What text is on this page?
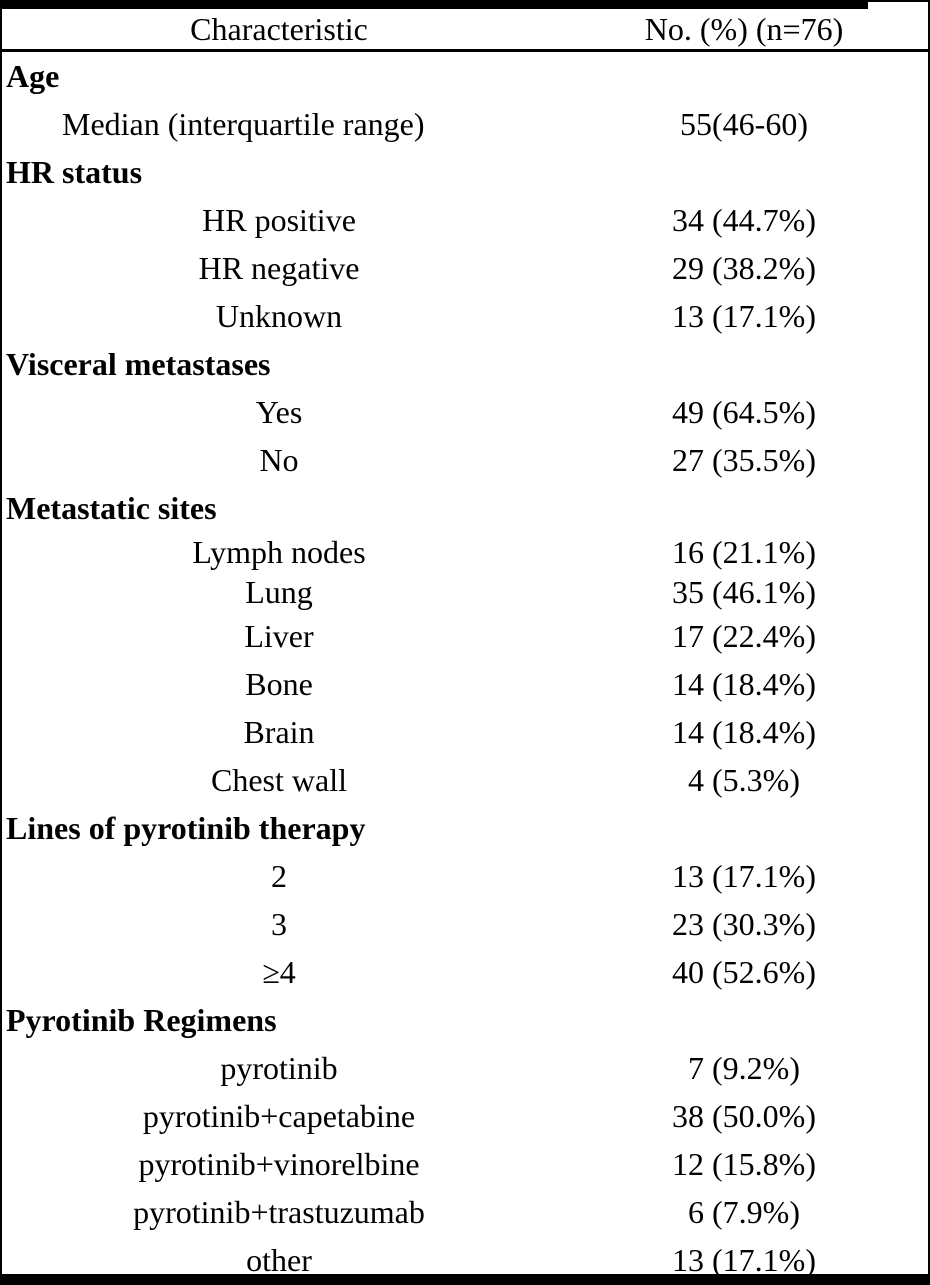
Characteristic	No. (%) (n=76)
Age
Median (interquartile range)	55(46-60)
HR status
HR positive	34 (44.7%)
HR negative	29 (38.2%)
Unknown	13 (17.1%)
Visceral metastases
Yes	49 (64.5%)
No	27 (35.5%)
Metastatic sites
Lymph nodes	16 (21.1%)
Lung	35 (46.1%)
Liver	17 (22.4%)
Bone	14 (18.4%)
Brain	14 (18.4%)
Chest wall	4 (5.3%)
Lines of pyrotinib therapy
2	13 (17.1%)
3	23 (30.3%)
≥4	40 (52.6%)
Pyrotinib Regimens
pyrotinib	7 (9.2%)
pyrotinib+capetabine	38 (50.0%)
pyrotinib+vinorelbine	12 (15.8%)
pyrotinib+trastuzumab	6 (7.9%)
other	13 (17.1%)
